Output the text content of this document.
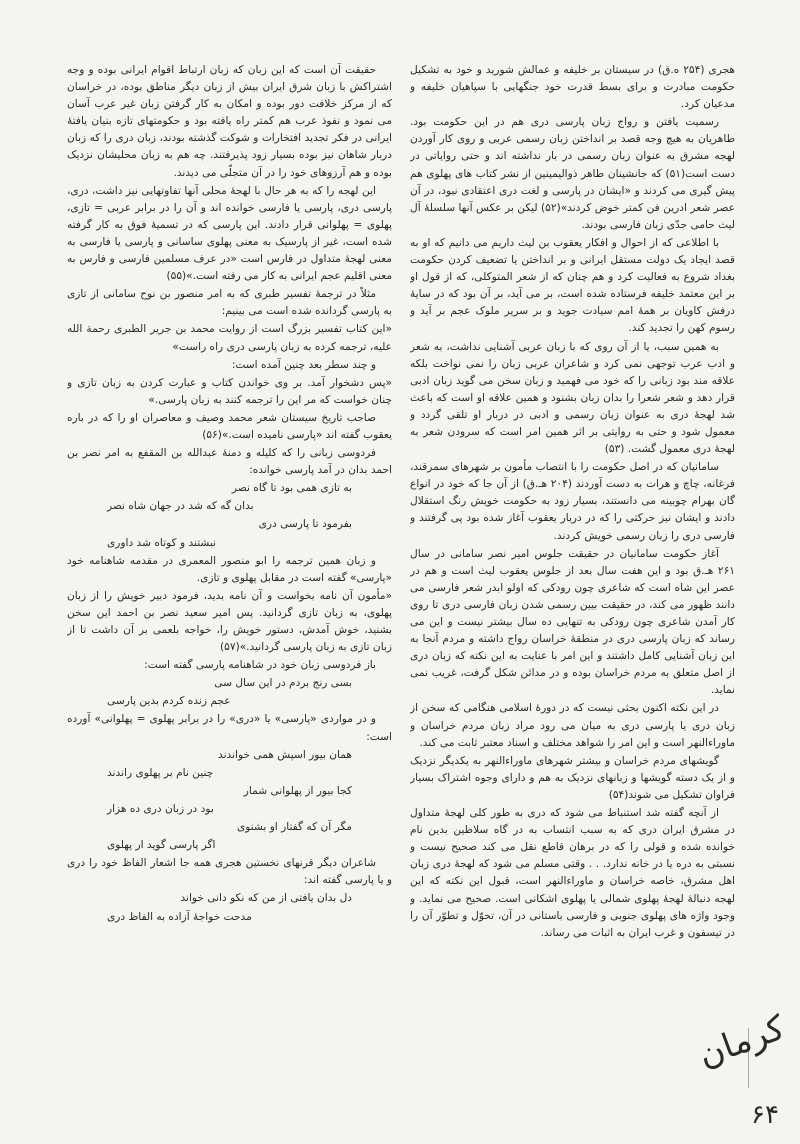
هجری (۲۵۴ ه.ق) در سیستان بر خلیفه و عمالش شورید و خود به تشکیل حکومت مبادرت و برای بسط قدرت خود جنگهایی با سپاهیان خلیفه و مدعیان کرد.

رسمیت یافتن و رواج زبان پارسی دری هم در این حکومت بود. طاهریان به هیچ وجه قصد بر انداختن زبان رسمی عربی و روی کار آوردن لهجه مشرق به عنوان زبان رسمی در بار نداشته اند و حتی روایاتی در دست است(۵۱) که جانشینان طاهر ذوالیمینین از نشر کتاب های پهلوی هم پیش گیری می کردند و «ایشان در پارسی و لغت دری اعتقادی نبود، در آن عصر شعر ادرین فن کمتر خوض کردند»(۵۲) لیکن بر عکس آنها سلسلهٔ آل لیث حامی جدّی زبان فارسی بودند.

با اطلاعی که از احوال و افکار یعقوب بن لیث داریم می دانیم که او به قصد ایجاد یک دولت مستقل ایرانی و بر انداختن یا تضعیف کردن حکومت بغداد شروع به فعالیت کرد و هم چنان که از شعر المتوکلی، که از قول او بر این معتمد خلیفه فرستاده شده است، بر می آید، بر آن بود که در سایهٔ درفش کاویان بر همهٔ امم سیادت جوید و بر سریر ملوک عجم بر آید و رسوم کهن را تجدید کند.

به همین سبب، یا از آن روی که با زبان عربی آشنایی نداشت، به شعر و ادب عرب توجهی نمی کرد و شاعران عربی زبان را نمی نواخت بلکه علاقه مند بود زبانی را که خود می فهمید و زبان سخن می گوید زبان ادبی قرار دهد و شعر شعرا را بدان زبان بشنود و همین علاقه او است که باعث شد لهجهٔ دری به عنوان زبان رسمی و ادبی در دربار او تلقی گردد و معمول شود و حتی به روایتی بر اثر همین امر است که سرودن شعر به لهجهٔ دری معمول گشت. (۵۳)

سامانیان که در اصل حکومت را با انتصاب مأمون بر شهرهای سمرقند، فرغانه، چاچ و هرات به دست آوردند (۲۰۴ هـ.ق) از آن جا که خود در انواع گان بهرام چوبینه می دانستند، بسیار زود به حکومت خویش رنگ استقلال دادند و ایشان نیز حرکتی را که در دربار یعقوب آغاز شده بود پی گرفتند و فارسی دری را زبان رسمی خویش کردند.

آغاز حکومت سامانیان در حقیقت جلوس امیر نصر سامانی در سال ۲۶۱ هـ.ق بود و این هفت سال بعد از جلوس یعقوب لیث است و هم در عصر این شاه است که شاعری چون رودکی که اولو ابدر شعر فارسی می دانند ظهور می کند، در حقیقت بیین رسمی شدن زبان فارسی دری تا روی کار آمدن شاعری چون رودکی به تنهایی ده سال بیشتر نیست و این می رساند که زبان پارسی دری در منطقهٔ خراسان رواج داشته و مردم آنجا به این زبان آشنایی کامل داشتند و این امر با عنایت به این نکته که زبان دری از اصل متعلق به مردم خراسان بوده و در مدائن شکل گرفت، غریب نمی نماید.

در این نکته اکنون بحثی نیست که در دورهٔ اسلامی هنگامی که سخن از زبان دری یا پارسی دری به میان می رود مراد زبان مردم خراسان و ماوراءالنهر است و این امر را شواهد مختلف و اسناد معتبر ثابت می کند.

گویشهای مردم خراسان و بیشتر شهرهای ماوراءالنهر به یکدیگر نزدیک و از یک دسته گویشها و زبانهای نزدیک به هم و دارای وجوه اشتراک بسیار فراوان تشکیل می شوند(۵۴)

از آنچه گفته شد استنباط می شود که دری به طور کلی لهجهٔ متداول در مشرق ایران دری که به سبب انتساب به در گاه سلاطین بدین نام خوانده شده و قولی را که در برهان قاطع نقل می کند صحیح نیست و نسبتی به دره یا در خانه ندارد. . . وقتی مسلم می شود که لهجهٔ دری زبان اهل مشرق، خاصه خراسان و ماوراءالنهر است، قبول این نکته که این لهجه دنبالهٔ لهجهٔ پهلوی شمالی یا پهلوی اشکانی است. صحیح می نماید. و وجود واژه های پهلوی جنوبی و فارسی باستانی در آن، تحوّل و تطوّر آن را در تیسفون و غرب ایران به اثبات می رساند.

حقیقت آن است که این زبان که زبان ارتباط اقوام ایرانی بوده و وجه اشتراکش با زبان شرق ایران بیش از زبان دیگر مناطق بوده، در خراسان که از مرکز خلافت دور بوده و امکان به کار گرفتن زبان غیر عرب آسان می نمود و نفوذ عرب هم کمتر راه یافته بود و حکومتهای تازه بنیان یافتهٔ ایرانی در فکر تجدید افتخارات و شوکت گذشته بودند، زبان دری را که زبان دربار شاهان نیز بوده بسیار زود پذیرفتند. چه هم به زبان محلیشان نزدیک بوده و هم آرزوهای خود را در آن متجلّی می دیدند.

این لهجه را که به هر حال با لهجهٔ محلی آنها تفاوتهایی نیز داشت، دری، پارسی دری، پارسی یا فارسی خوانده اند و آن را در برابر عربی = تازی، پهلوی = پهلوانی قرار دادند. این پارسی که در تسمیهٔ فوق به کار گرفته شده است، غیر از پارسیک به معنی پهلوی ساسانی و پارسی یا فارسی به معنی لهجهٔ متداول در فارس است «در عرف مسلمین فارسی و فارس به معنی اقلیم عجم ایرانی به کار می رفته است.»(۵۵)

مثلاً در ترجمهٔ تفسیر طبری که به امر منصور بن نوح سامانی از تازی به پارسی گردانده شده است می بینیم:

«این کتاب تفسیر بزرگ است از روایت محمد بن جریر الطبری رحمة الله علیه، ترجمه کرده به زبان پارسی دری راه راست»

و چند سطر بعد چنین آمده است:

«پس دشخوار آمد. بر وی خواندن کتاب و عبارت کردن به زبان تازی و چنان خواست که مر این را ترجمه کنند به زبان پارسی.»

صاحب تاریخ سیستان شعر محمد وصیف و معاصران او را که در باره یعقوب گفته اند «پارسی نامیده است.»(۵۶)

فردوسی زبانی را که کلیله و دمنهٔ عبدالله بن المقفع به امر نصر بن احمد بدان در آمد پارسی خوانده:

به تازی همی بود تا گاه نصر

بدان گه که شد در جهان شاه نصر

بفرمود تا پارسی دری

نبشتند و کوتاه شد داوری

و زبان همین ترجمه را ابو منصور المعمری در مقدمه شاهنامه خود «پارسی» گفته است در مقابل پهلوی و تازی.

«مأمون آن نامه بخواست و آن نامه بدید، فرمود دبیر خویش را از زبان پهلوی، به زبان تازی گردانید. پس امیر سعید نصر بن احمد این سخن بشنید، خوش آمدش، دستور خویش را، خواجه بلعمی بر آن داشت تا از زبان تازی به زبان پارسی گردانید.»(۵۷)

باز فردوسی زبان خود در شاهنامه پارسی گفته است:

بسی رنج بردم در این سال سی

عجم زنده کردم بدین پارسی

و در مواردی «پارسی» یا «دری» را در برابر پهلوی = پهلوانی» آورده است:

همان بیور اسپش همی خواندند

چنین نام بر پهلوی راندند

کجا بیور از پهلوانی شمار

بود در زبان دری ده هزار

مگر آن که گفتار او بشنوی

اگر پارسی گوید ار پهلوی

شاعران دیگر قرنهای نخستین هجری همه جا اشعار الفاظ خود را دری و یا پارسی گفته اند:

دل بدان یافتی از من که نکو دانی خواند

مدحت خواجهٔ آزاده به الفاظ دری

کرمان
۶۴
